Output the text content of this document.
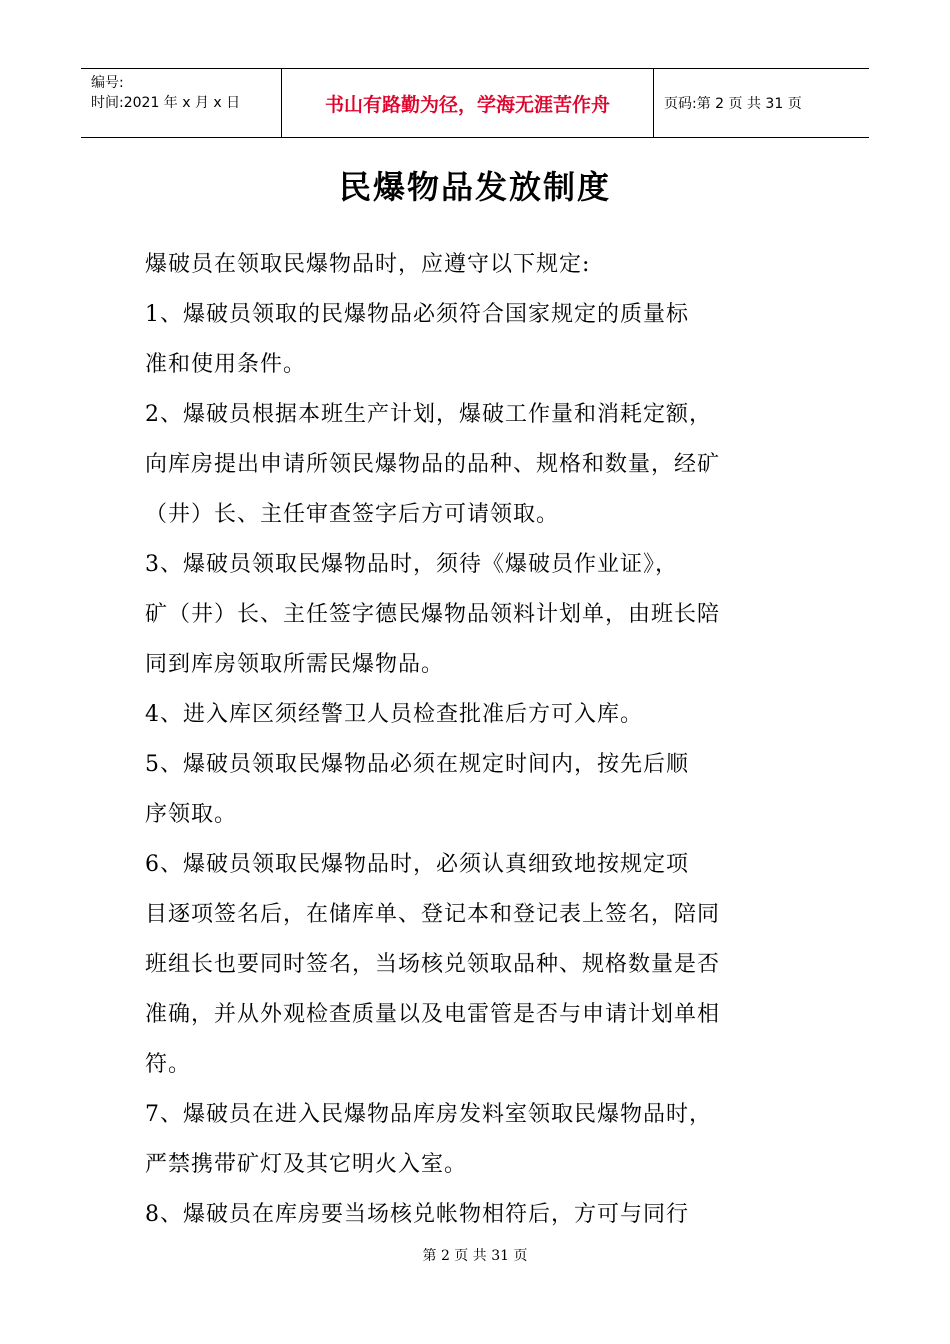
编号:
时间:2021 年 x 月 x 日	书山有路勤为径，学海无涯苦作舟	页码:第 2 页 共 31 页
民爆物品发放制度
爆破员在领取民爆物品时，应遵守以下规定:
1、爆破员领取的民爆物品必须符合国家规定的质量标
准和使用条件。
2、爆破员根据本班生产计划，爆破工作量和消耗定额，
向库房提出申请所领民爆物品的品种、规格和数量，经矿
（井）长、主任审查签字后方可请领取。
3、爆破员领取民爆物品时，须待《爆破员作业证》，
矿（井）长、主任签字德民爆物品领料计划单，由班长陪
同到库房领取所需民爆物品。
4、进入库区须经警卫人员检查批准后方可入库。
5、爆破员领取民爆物品必须在规定时间内，按先后顺
序领取。
6、爆破员领取民爆物品时，必须认真细致地按规定项
目逐项签名后，在储库单、登记本和登记表上签名，陪同
班组长也要同时签名，当场核兑领取品种、规格数量是否
准确，并从外观检查质量以及电雷管是否与申请计划单相
符。
7、爆破员在进入民爆物品库房发料室领取民爆物品时，
严禁携带矿灯及其它明火入室。
8、爆破员在库房要当场核兑帐物相符后，方可与同行
第 2 页 共 31 页
